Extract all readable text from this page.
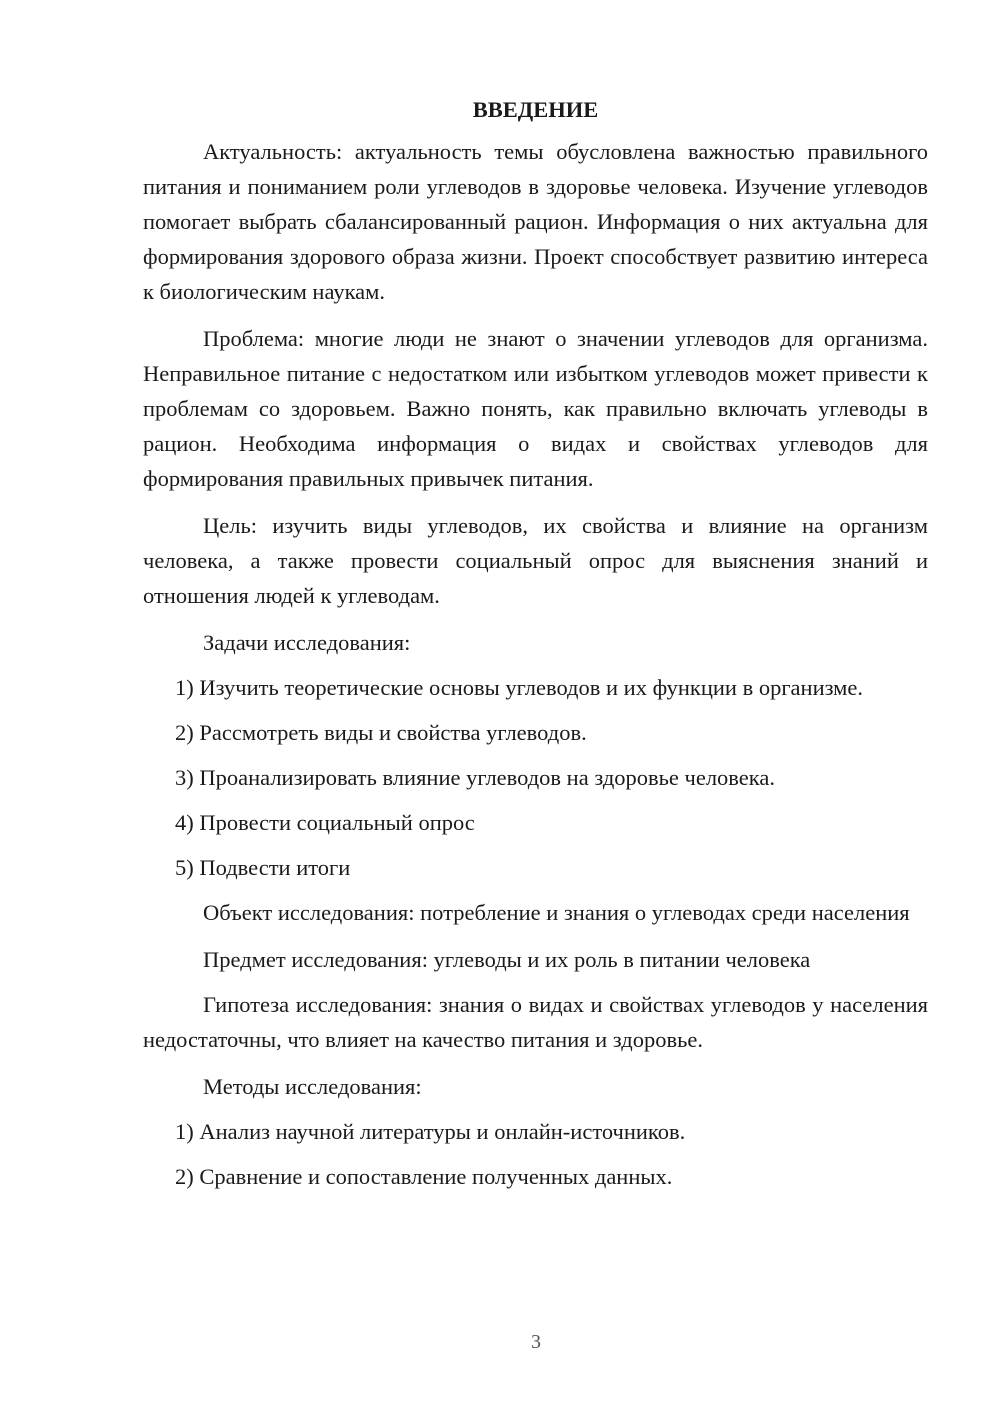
ВВЕДЕНИЕ

Актуальность: актуальность темы обусловлена важностью правильного питания и пониманием роли углеводов в здоровье человека. Изучение углеводов помогает выбрать сбалансированный рацион. Информация о них актуальна для формирования здорового образа жизни. Проект способствует развитию интереса к биологическим наукам.

Проблема: многие люди не знают о значении углеводов для организма. Неправильное питание с недостатком или избытком углеводов может привести к проблемам со здоровьем. Важно понять, как правильно включать углеводы в рацион. Необходима информация о видах и свойствах углеводов для формирования правильных привычек питания.

Цель: изучить виды углеводов, их свойства и влияние на организм человека, а также провести социальный опрос для выяснения знаний и отношения людей к углеводам.

Задачи исследования:

1) Изучить теоретические основы углеводов и их функции в организме.

2) Рассмотреть виды и свойства углеводов.

3) Проанализировать влияние углеводов на здоровье человека.

4) Провести социальный опрос

5) Подвести итоги

Объект исследования: потребление и знания о углеводах среди населения

Предмет исследования: углеводы и их роль в питании человека

Гипотеза исследования: знания о видах и свойствах углеводов у населения недостаточны, что влияет на качество питания и здоровье.

Методы исследования:

1) Анализ научной литературы и онлайн-источников.

2) Сравнение и сопоставление полученных данных.

3
